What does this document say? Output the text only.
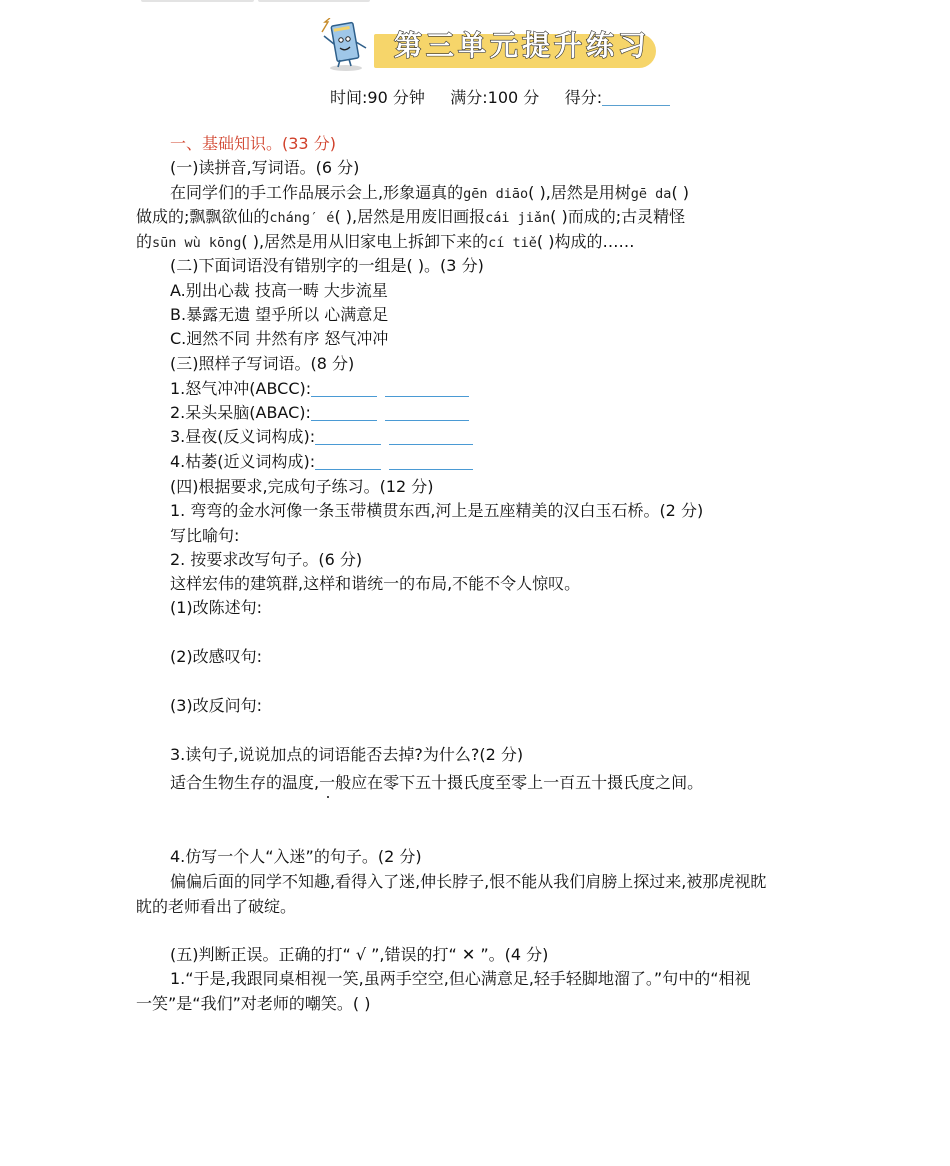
第三单元提升练习
时间:90 分钟 满分:100 分 得分:
一、基础知识。(33 分)
(一)读拼音,写词语。(6 分)
在同学们的手工作品展示会上,形象逼真的gēn diāo( ),居然是用树gē da( )
做成的;飘飘欲仙的cháng′ é( ),居然是用废旧画报cái jiǎn( )而成的;古灵精怪
的sūn wù kōng( ),居然是用从旧家电上拆卸下来的cí tiě( )构成的……
(二)下面词语没有错别字的一组是( )。(3 分)
A.别出心裁 技高一畴 大步流星
B.暴露无遗 望乎所以 心满意足
C.迥然不同 井然有序 怒气冲冲
(三)照样子写词语。(8 分)
1.怒气冲冲(ABCC):
2.呆头呆脑(ABAC):
3.昼夜(反义词构成):
4.枯萎(近义词构成):
(四)根据要求,完成句子练习。(12 分)
1. 弯弯的金水河像一条玉带横贯东西,河上是五座精美的汉白玉石桥。(2 分)
写比喻句:
2. 按要求改写句子。(6 分)
这样宏伟的建筑群,这样和谐统一的布局,不能不令人惊叹。
(1)改陈述句:
(2)改感叹句:
(3)改反问句:
3.读句子,说说加点的词语能否去掉?为什么?(2 分)
适合生物生存的温度,一般应在零下五十摄氏度至零上一百五十摄氏度之间。
4.仿写一个人“入迷”的句子。(2 分)
偏偏后面的同学不知趣,看得入了迷,伸长脖子,恨不能从我们肩膀上探过来,被那虎视眈
眈的老师看出了破绽。
(五)判断正误。正确的打“ √ ”,错误的打“ ✕ ”。(4 分)
1.“于是,我跟同桌相视一笑,虽两手空空,但心满意足,轻手轻脚地溜了。”句中的“相视
一笑”是“我们”对老师的嘲笑。( )
